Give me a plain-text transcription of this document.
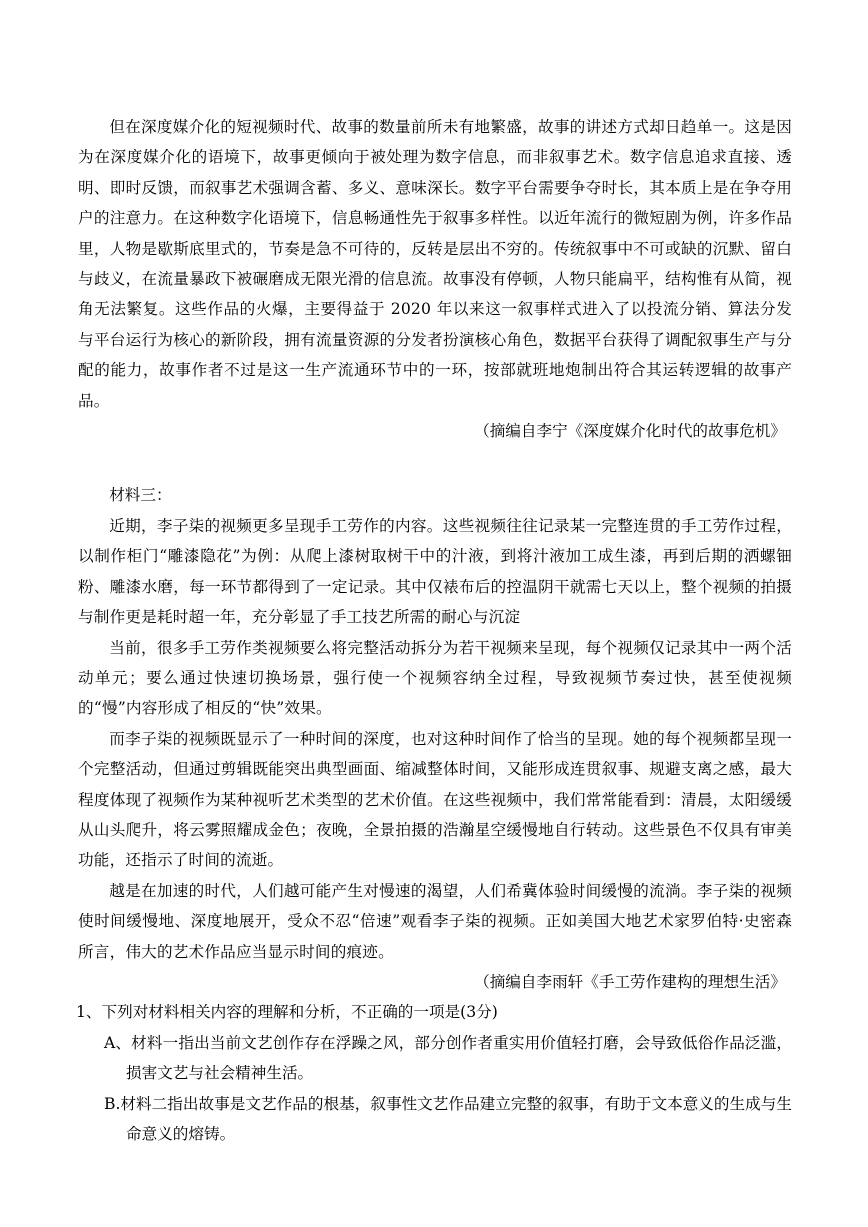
但在深度媒介化的短视频时代、故事的数量前所未有地繁盛，故事的讲述方式却日趋单一。这是因为在深度媒介化的语境下，故事更倾向于被处理为数字信息，而非叙事艺术。数字信息追求直接、透明、即时反馈，而叙事艺术强调含蓄、多义、意味深长。数字平台需要争夺时长，其本质上是在争夺用户的注意力。在这种数字化语境下，信息畅通性先于叙事多样性。以近年流行的微短剧为例，许多作品里，人物是歇斯底里式的，节奏是急不可待的，反转是层出不穷的。传统叙事中不可或缺的沉默、留白与歧义，在流量暴政下被碾磨成无限光滑的信息流。故事没有停顿，人物只能扁平，结构惟有从简，视角无法繁复。这些作品的火爆，主要得益于 2020 年以来这一叙事样式进入了以投流分销、算法分发与平台运行为核心的新阶段，拥有流量资源的分发者扮演核心角色，数据平台获得了调配叙事生产与分配的能力，故事作者不过是这一生产流通环节中的一环，按部就班地炮制出符合其运转逻辑的故事产品。

（摘编自李宁《深度媒介化时代的故事危机》

材料三：

近期，李子柒的视频更多呈现手工劳作的内容。这些视频往往记录某一完整连贯的手工劳作过程，以制作柜门“雕漆隐花”为例：从爬上漆树取树干中的汁液，到将汁液加工成生漆，再到后期的洒螺钿粉、雕漆水磨，每一环节都得到了一定记录。其中仅裱布后的控温阴干就需七天以上，整个视频的拍摄与制作更是耗时超一年，充分彰显了手工技艺所需的耐心与沉淀

当前，很多手工劳作类视频要么将完整活动拆分为若干视频来呈现，每个视频仅记录其中一两个活动单元；要么通过快速切换场景，强行使一个视频容纳全过程，导致视频节奏过快，甚至使视频的“慢”内容形成了相反的“快”效果。

而李子柒的视频既显示了一种时间的深度，也对这种时间作了恰当的呈现。她的每个视频都呈现一个完整活动，但通过剪辑既能突出典型画面、缩减整体时间，又能形成连贯叙事、规避支离之感，最大程度体现了视频作为某种视听艺术类型的艺术价值。在这些视频中，我们常常能看到：清晨，太阳缓缓从山头爬升，将云雾照耀成金色；夜晚，全景拍摄的浩瀚星空缓慢地自行转动。这些景色不仅具有审美功能，还指示了时间的流逝。

越是在加速的时代，人们越可能产生对慢速的渴望，人们希冀体验时间缓慢的流淌。李子柒的视频使时间缓慢地、深度地展开，受众不忍“倍速”观看李子柒的视频。正如美国大地艺术家罗伯特·史密森所言，伟大的艺术作品应当显示时间的痕迹。

（摘编自李雨轩《手工劳作建构的理想生活》

1、下列对材料相关内容的理解和分析，不正确的一项是(3分)

A、材料一指出当前文艺创作存在浮躁之风，部分创作者重实用价值轻打磨，会导致低俗作品泛滥，损害文艺与社会精神生活。

B.材料二指出故事是文艺作品的根基，叙事性文艺作品建立完整的叙事，有助于文本意义的生成与生命意义的熔铸。
